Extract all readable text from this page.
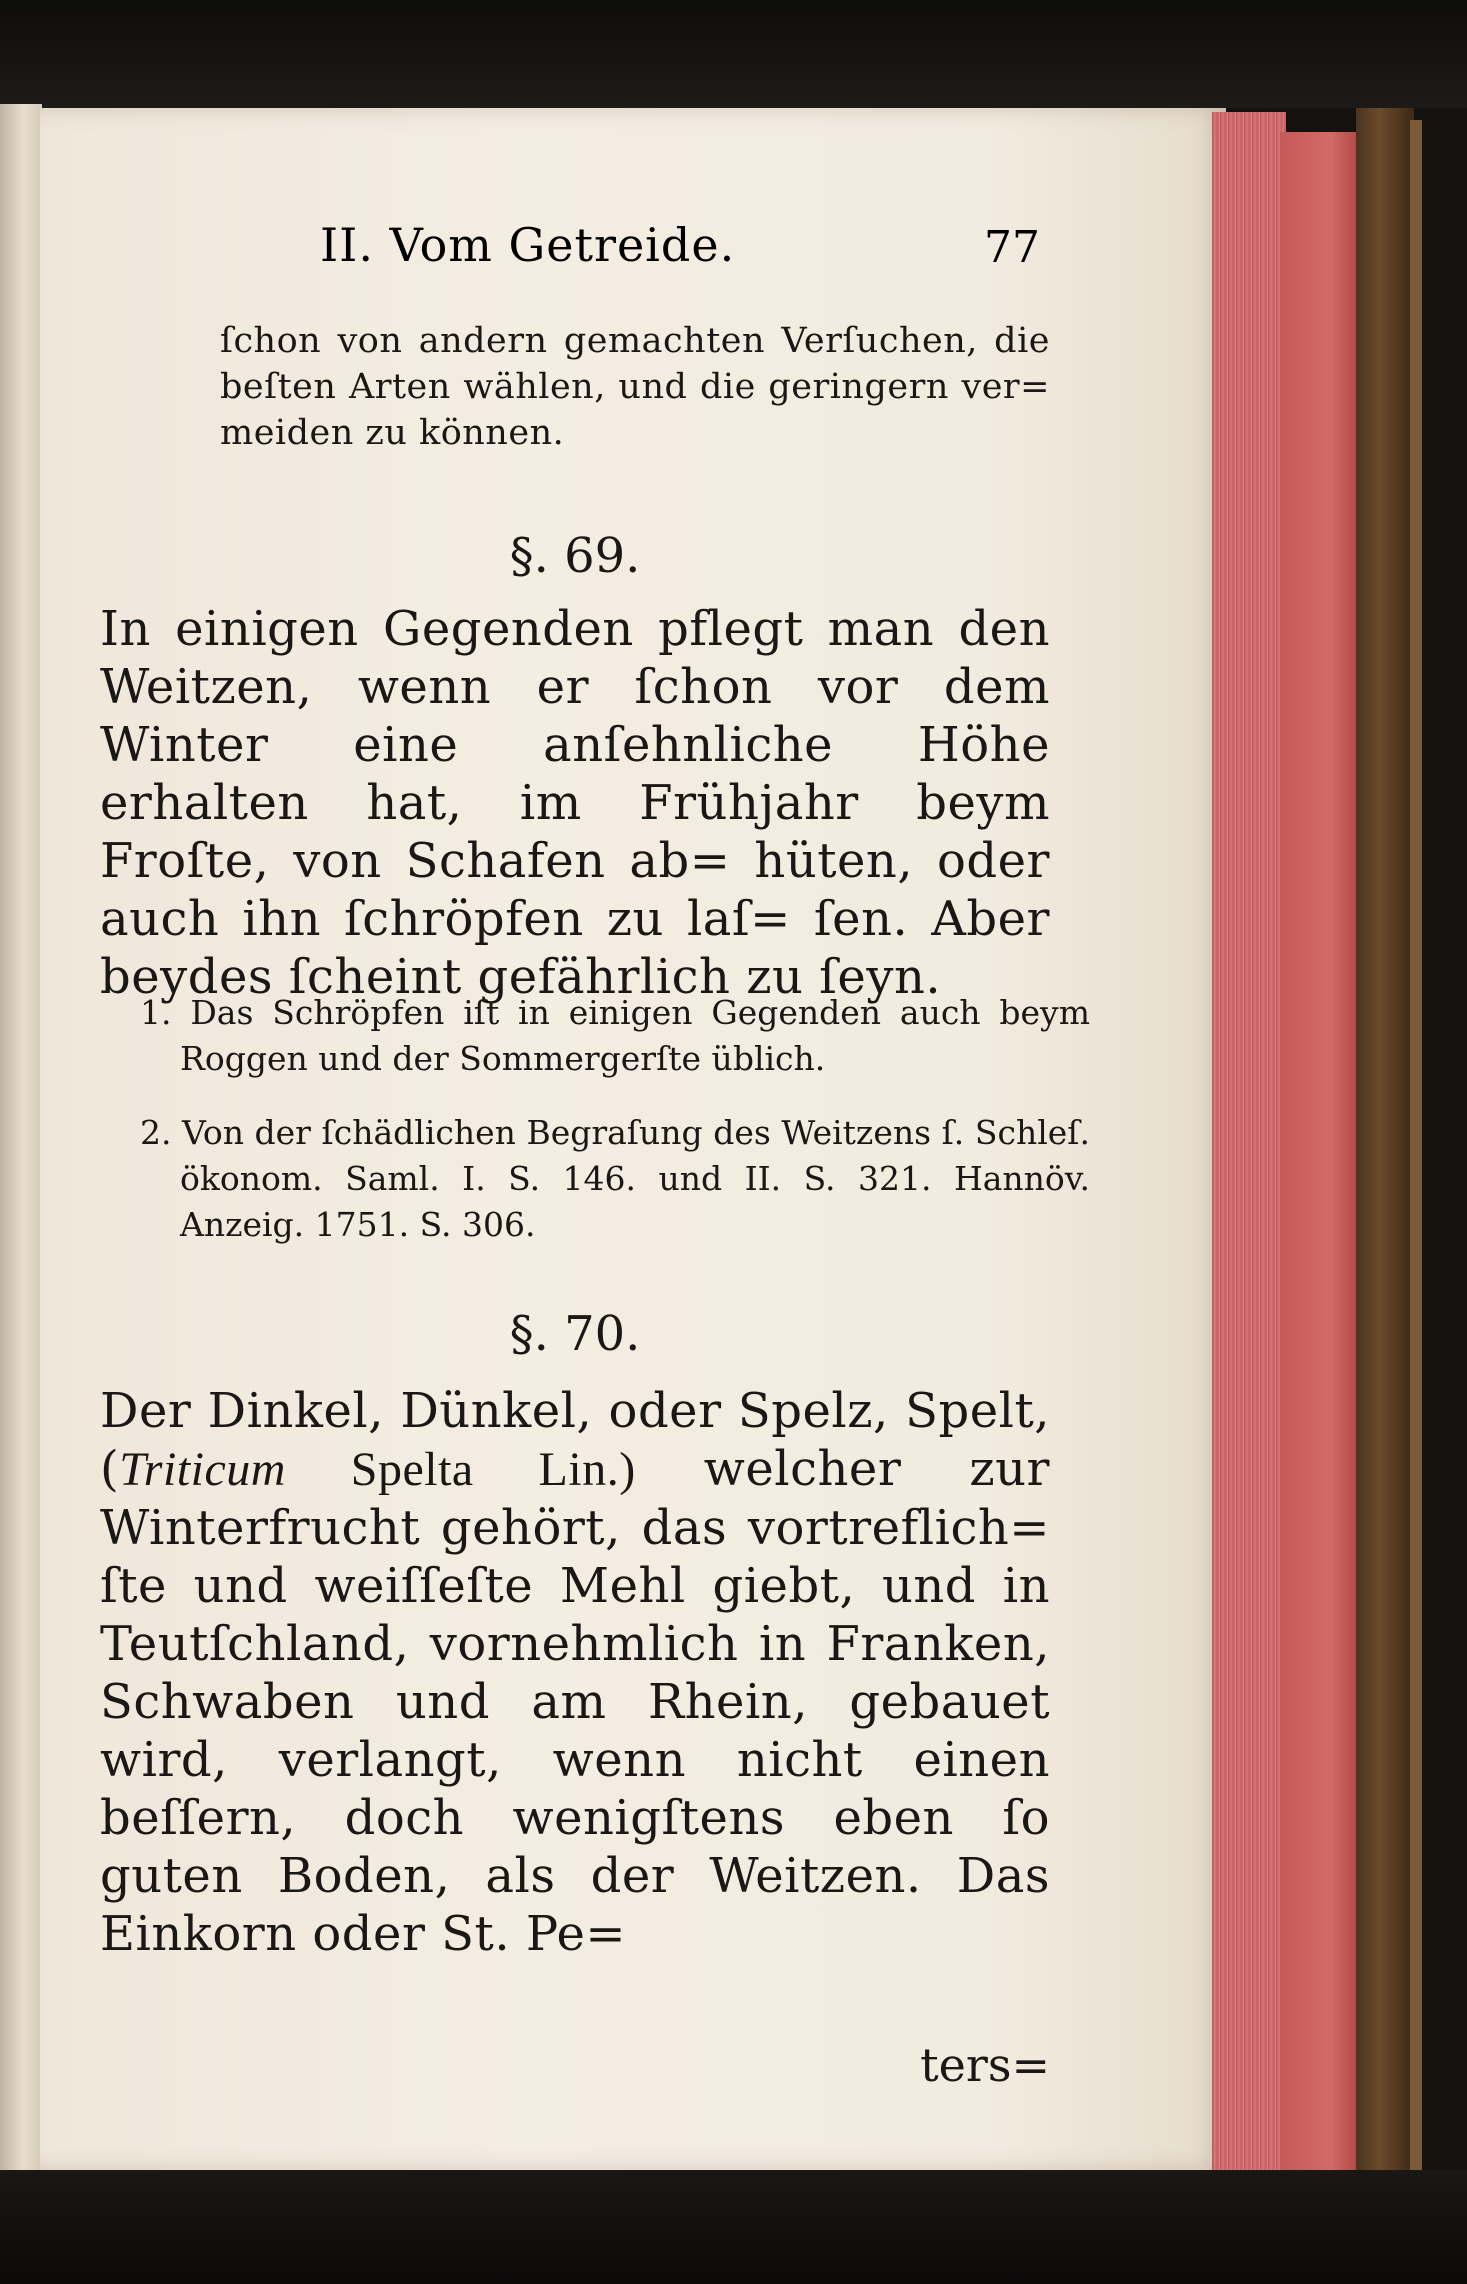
II. Vom Getreide.	77

ſchon von andern gemachten Verſuchen, die beſten Arten wählen, und die geringern ver= meiden zu können.

§. 69.

In einigen Gegenden pflegt man den Weitzen, wenn er ſchon vor dem Winter eine anſehnliche Höhe erhalten hat, im Frühjahr beym Froſte, von Schafen ab= hüten, oder auch ihn ſchröpfen zu laſ= ſen. Aber beydes ſcheint gefährlich zu ſeyn.

1. Das Schröpfen iſt in einigen Gegenden auch beym Roggen und der Sommergerſte üblich.

2. Von der ſchädlichen Begraſung des Weitzens ſ. Schleſ. ökonom. Saml. I. S. 146. und II. S. 321. Hannöv. Anzeig. 1751. S. 306.

§. 70.

Der Dinkel, Dünkel, oder Spelz, Spelt, (Triticum Spelta Lin.) welcher zur Winterfrucht gehört, das vortreflich= ſte und weiſſeſte Mehl giebt, und in Teutſchland, vornehmlich in Franken, Schwaben und am Rhein, gebauet wird, verlangt, wenn nicht einen beſſern, doch wenigſtens eben ſo guten Boden, als der Weitzen. Das Einkorn oder St. Pe=

ters=
